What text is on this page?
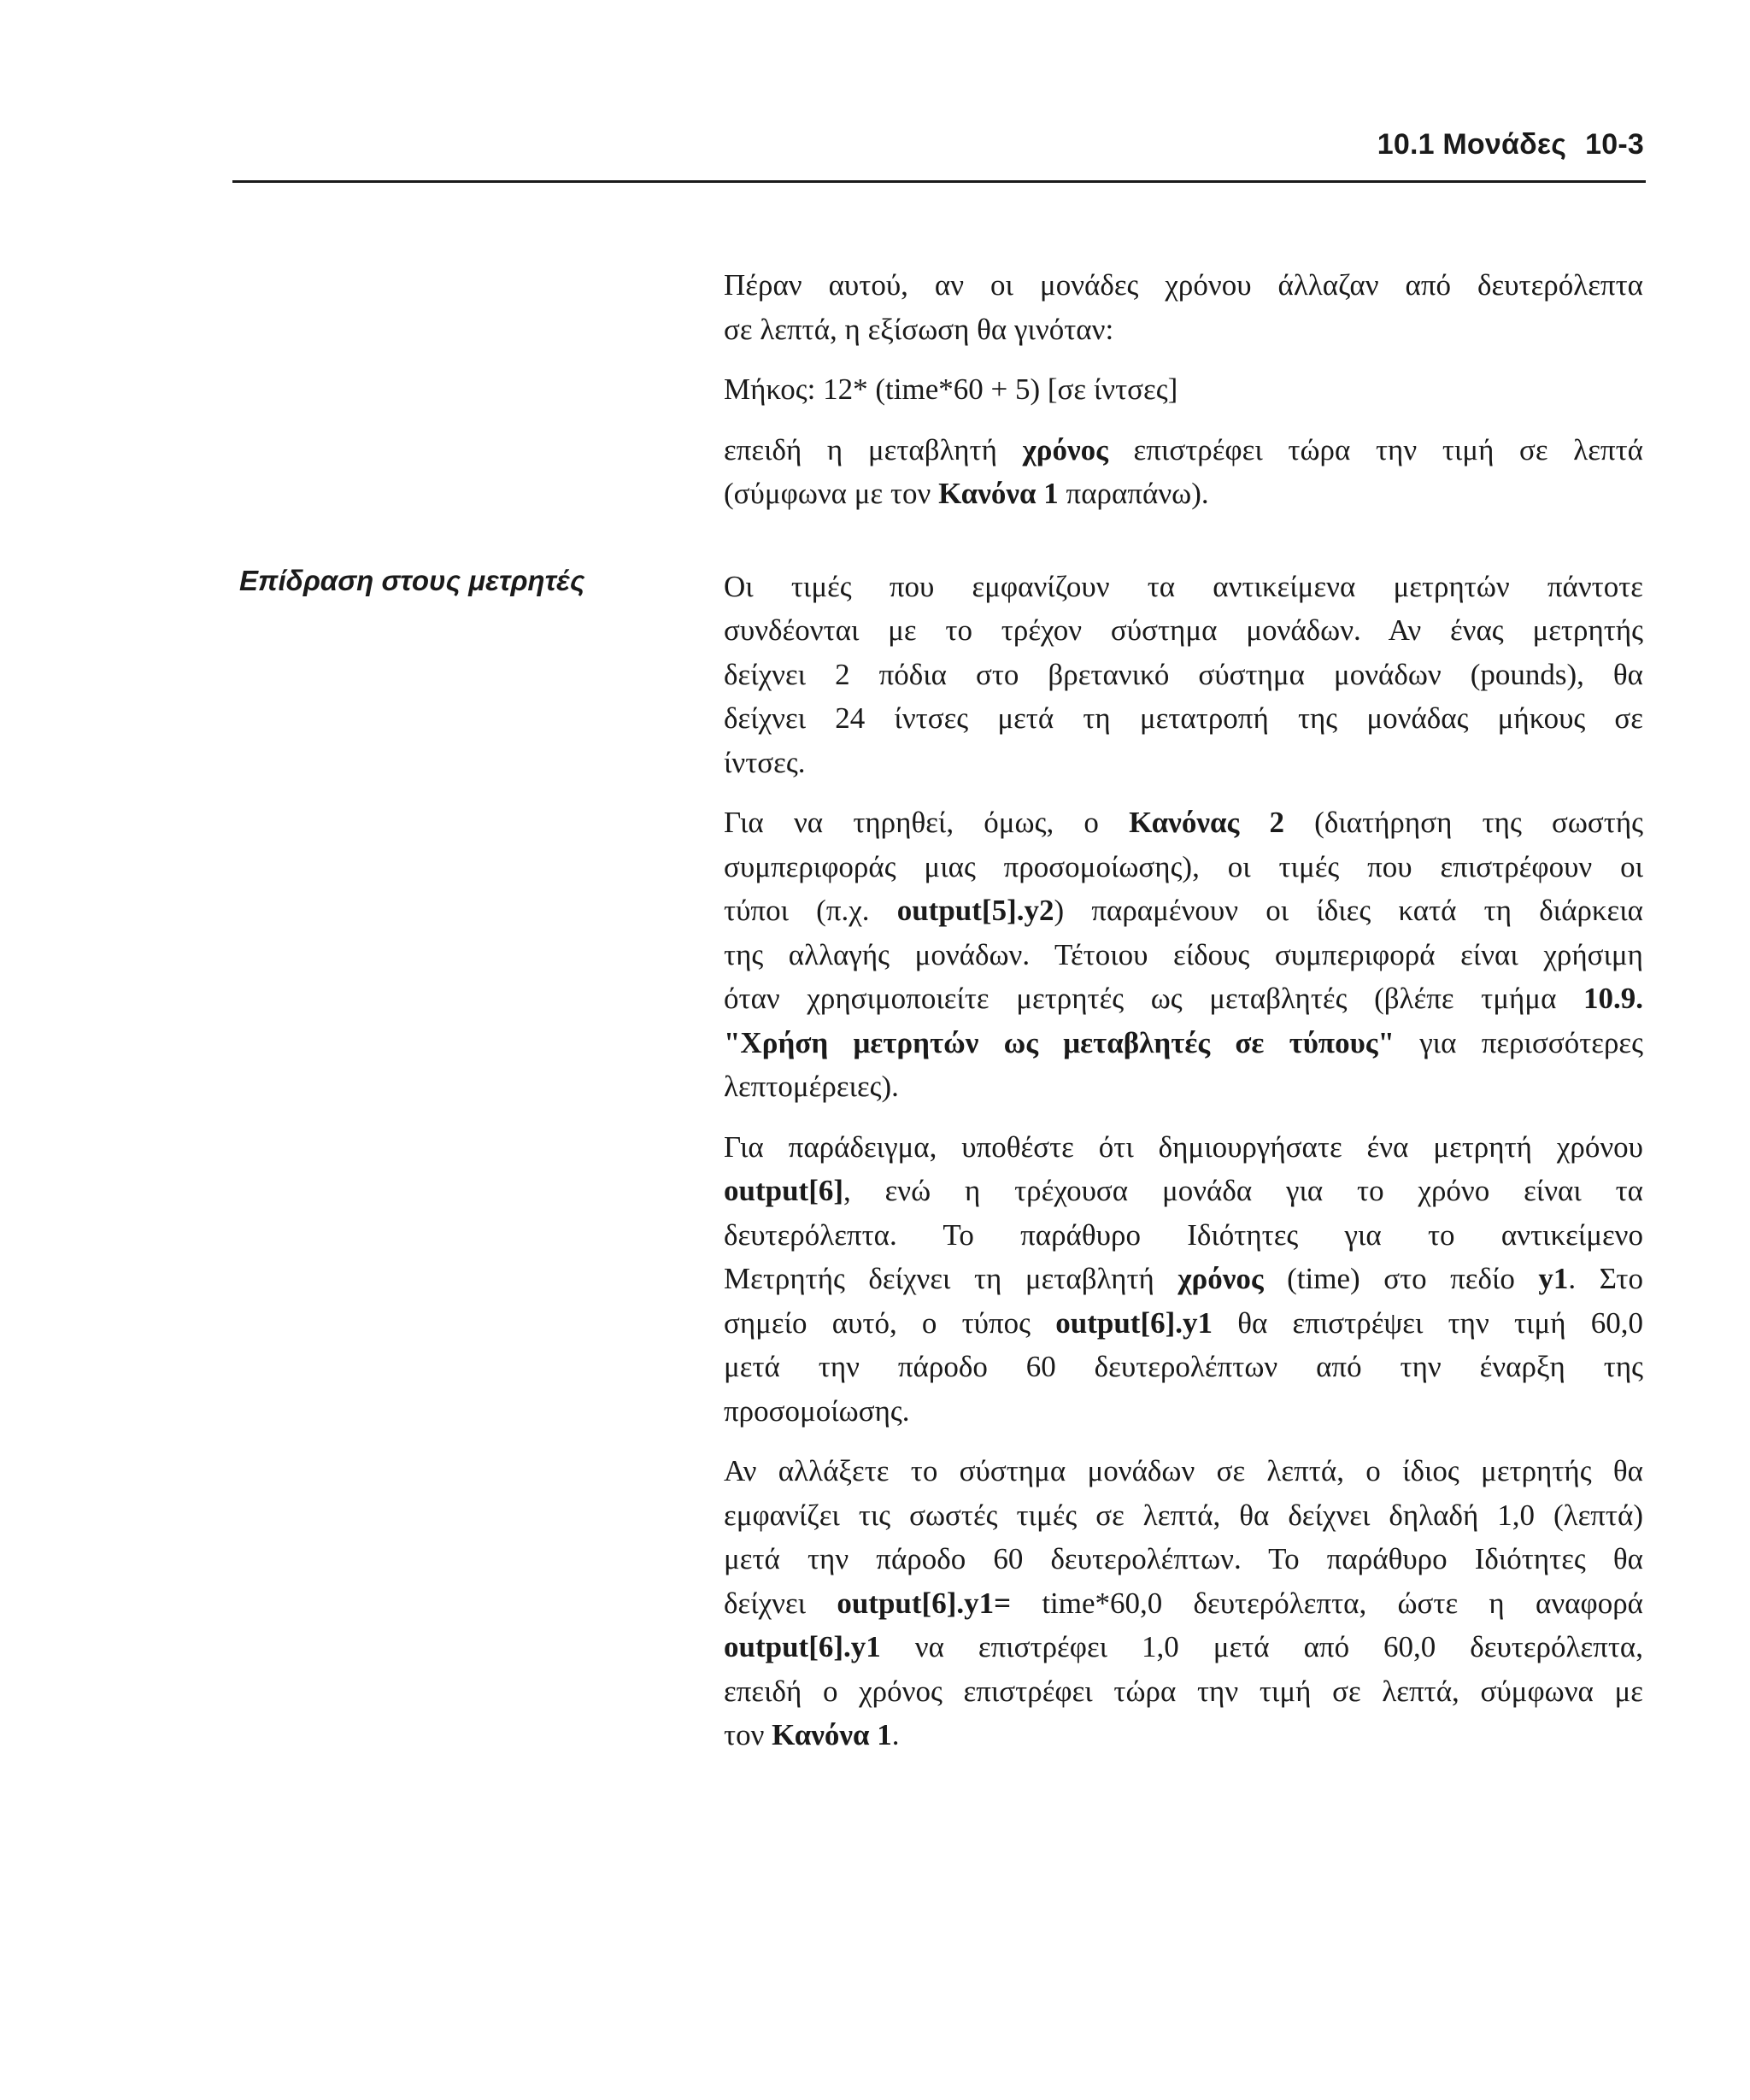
10.1 Μονάδες 10-3
Επίδραση στους μετρητές
Πέραν αυτού, αν οι μονάδες χρόνου άλλαζαν από δευτερόλεπτα
σε λεπτά, η εξίσωση θα γινόταν:
Μήκος: 12* (time*60 + 5) [σε ίντσες]
επειδή η μεταβλητή χρόνος επιστρέφει τώρα την τιμή σε λεπτά
(σύμφωνα με τον Κανόνα 1 παραπάνω).
Οι τιμές που εμφανίζουν τα αντικείμενα μετρητών πάντοτε
συνδέονται με το τρέχον σύστημα μονάδων. Αν ένας μετρητής
δείχνει 2 πόδια στο βρετανικό σύστημα μονάδων (pounds), θα
δείχνει 24 ίντσες μετά τη μετατροπή της μονάδας μήκους σε
ίντσες.
Για να τηρηθεί, όμως, ο Κανόνας 2 (διατήρηση της σωστής
συμπεριφοράς μιας προσομοίωσης), οι τιμές που επιστρέφουν οι
τύποι (π.χ. output[5].y2) παραμένουν οι ίδιες κατά τη διάρκεια
της αλλαγής μονάδων. Τέτοιου είδους συμπεριφορά είναι χρήσιμη
όταν χρησιμοποιείτε μετρητές ως μεταβλητές (βλέπε τμήμα 10.9.
"Χρήση μετρητών ως μεταβλητές σε τύπους" για περισσότερες
λεπτομέρειες).
Για παράδειγμα, υποθέστε ότι δημιουργήσατε ένα μετρητή χρόνου
output[6], ενώ η τρέχουσα μονάδα για το χρόνο είναι τα
δευτερόλεπτα. Το παράθυρο Ιδιότητες για το αντικείμενο
Μετρητής δείχνει τη μεταβλητή χρόνος (time) στο πεδίο y1. Στο
σημείο αυτό, ο τύπος output[6].y1 θα επιστρέψει την τιμή 60,0
μετά την πάροδο 60 δευτερολέπτων από την έναρξη της
προσομοίωσης.
Αν αλλάξετε το σύστημα μονάδων σε λεπτά, ο ίδιος μετρητής θα
εμφανίζει τις σωστές τιμές σε λεπτά, θα δείχνει δηλαδή 1,0 (λεπτά)
μετά την πάροδο 60 δευτερολέπτων. Το παράθυρο Ιδιότητες θα
δείχνει output[6].y1= time*60,0 δευτερόλεπτα, ώστε η αναφορά
output[6].y1 να επιστρέφει 1,0 μετά από 60,0 δευτερόλεπτα,
επειδή ο χρόνος επιστρέφει τώρα την τιμή σε λεπτά, σύμφωνα με
τον Κανόνα 1.
